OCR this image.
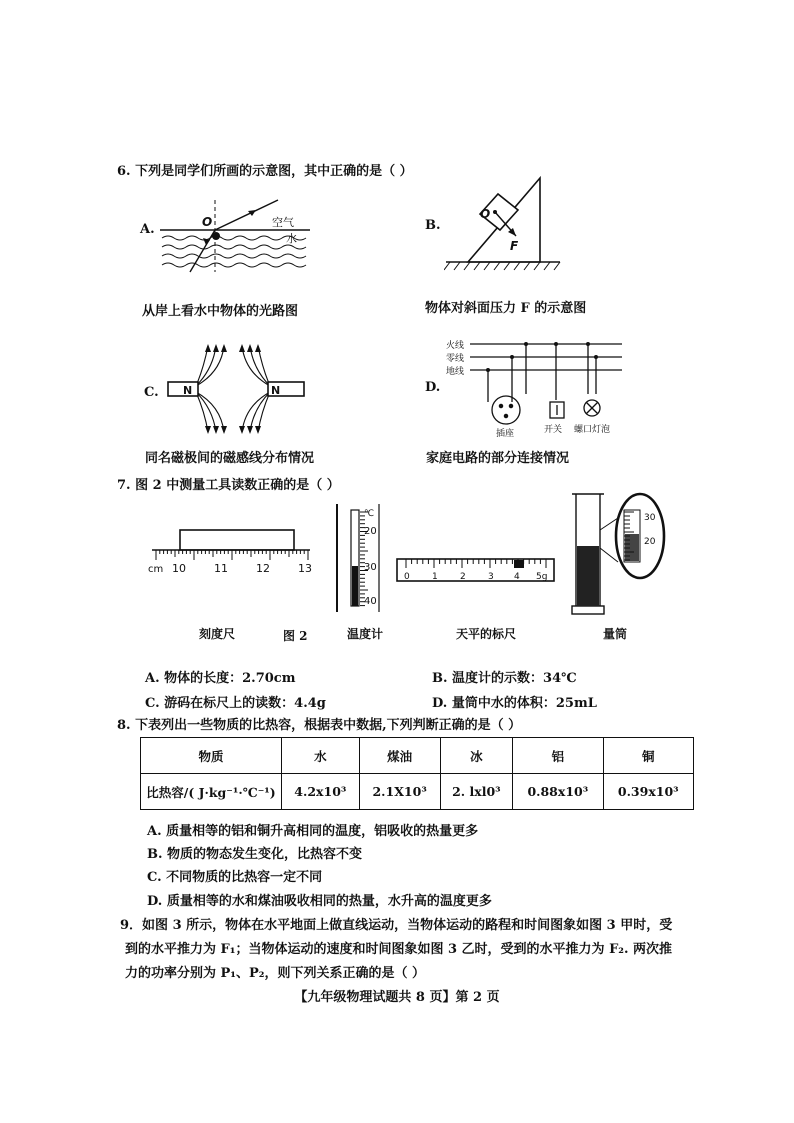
6. 下列是同学们所画的示意图，其中正确的是（ ）
A.	O	空气
水
从岸上看水中物体的光路图
B.
O
F
物体对斜面压力 F 的示意图
C. N	N
同名磁极间的磁感线分布情况
D.
火线
零线
地线
插座	开关 螺口灯泡
家庭电路的部分连接情况
7. 图 2 中测量工具读数正确的是（ ）
cm 10	11	12	13
℃
20
30
40
0 1 2 3 4 5g
30
20
刻度尺	图 2	温度计	天平的标尺	量筒
A. 物体的长度：2.70cm	B. 温度计的示数：34℃
C. 游码在标尺上的读数：4.4g	D. 量筒中水的体积：25mL
8. 下表列出一些物质的比热容，根据表中数据,下列判断正确的是（ ）
物质	水	煤油	冰	铝	铜
比热容/( J·kg⁻¹·℃⁻¹)	4.2x10³	2.1X10³	2. lxl0³	0.88x10³	0.39x10³
A. 质量相等的铝和铜升高相同的温度，铝吸收的热量更多
B. 物质的物态发生变化，比热容不变
C. 不同物质的比热容一定不同
D. 质量相等的水和煤油吸收相同的热量，水升高的温度更多
9．如图 3 所示，物体在水平地面上做直线运动，当物体运动的路程和时间图象如图 3 甲时，受
到的水平推力为 F₁；当物体运动的速度和时间图象如图 3 乙时，受到的水平推力为 F₂. 两次推
力的功率分别为 P₁、P₂，则下列关系正确的是（ ）
【九年级物理试题共 8 页】第 2 页
